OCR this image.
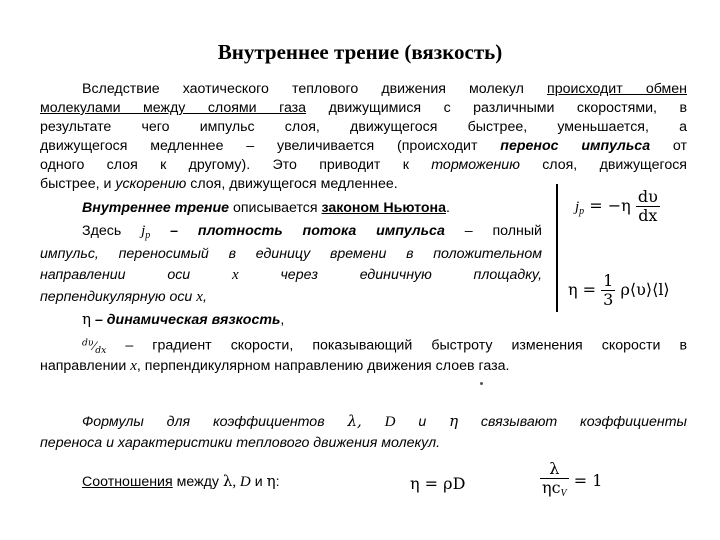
Внутреннее трение (вязкость)
Вследствие хаотического теплового движения молекул происходит обмен
молекулами между слоями газа движущимися с различными скоростями, в
результате чего импульс слоя, движущегося быстрее, уменьшается, а
движущегося медленнее – увеличивается (происходит перенос импульса от
одного слоя к другому). Это приводит к торможению слоя, движущегося
быстрее, и ускорению слоя, движущегося медленнее.
Внутреннее трение описывается законом Ньютона.
Здесь $j_p$ – плотность потока импульса – полный
импульс, переносимый в единицу времени в положительном
направлении оси	x	через единичную площадку,
перпендикулярную оси x,
η – динамическая вязкость,
$^{d\upsilon}⁄_{dx}$ – градиент скорости, показывающий быстроту изменения скорости в
направлении x, перпендикулярном направлению движения слоев газа.
$j_p = -\eta \frac{d\upsilon}{dx}$
$\eta = \frac{1}{3}$ ρ⟨υ⟩⟨l⟩
Формулы для коэффициентов λ, D и η связывают коэффициенты
переноса и характеристики теплового движения молекул.
Соотношения между λ, D и η:	η = ρD	$\frac{\lambda}{\eta c_V} = 1$
